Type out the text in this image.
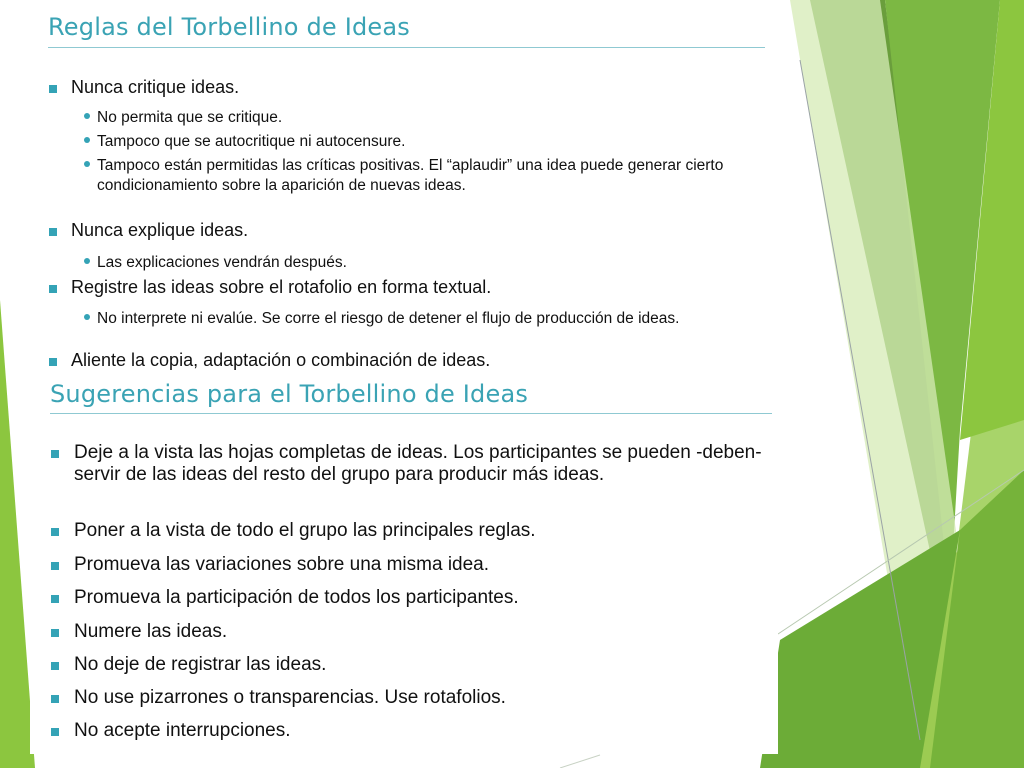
Reglas del Torbellino de Ideas
Nunca critique ideas.
No permita que se critique.
Tampoco que se autocritique ni autocensure.
Tampoco están permitidas las críticas positivas. El “aplaudir” una idea puede generar cierto condicionamiento sobre la aparición de nuevas ideas.
Nunca explique ideas.
Las explicaciones vendrán después.
Registre las ideas sobre el rotafolio en forma textual.
No interprete ni evalúe. Se corre el riesgo de detener el flujo de producción de ideas.
Aliente la copia, adaptación o combinación de ideas.
Sugerencias para el Torbellino de Ideas
Deje a la vista las hojas completas de ideas. Los participantes se pueden -deben- servir de las ideas del resto del grupo para producir más ideas.
Poner a la vista de todo el grupo las principales reglas.
Promueva las variaciones sobre una misma idea.
Promueva la participación de todos los participantes.
Numere las ideas.
No deje de registrar las ideas.
No use pizarrones o transparencias. Use rotafolios.
No acepte interrupciones.
